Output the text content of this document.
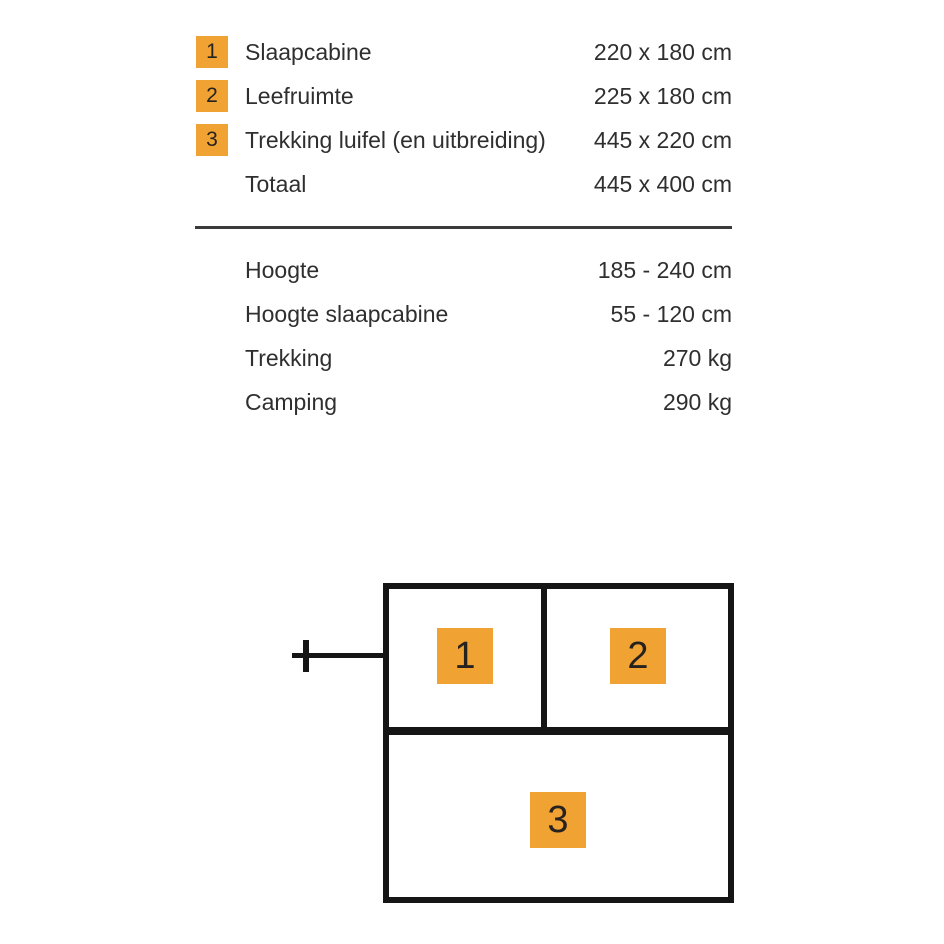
1	Slaapcabine	220 x 180 cm
2	Leefruimte	225 x 180 cm
3	Trekking luifel (en uitbreiding) 445 x 220 cm
Totaal	445 x 400 cm
Hoogte	185 - 240 cm
Hoogte slaapcabine	55 - 120 cm
Trekking	270 kg
Camping	290 kg
1	2
3
